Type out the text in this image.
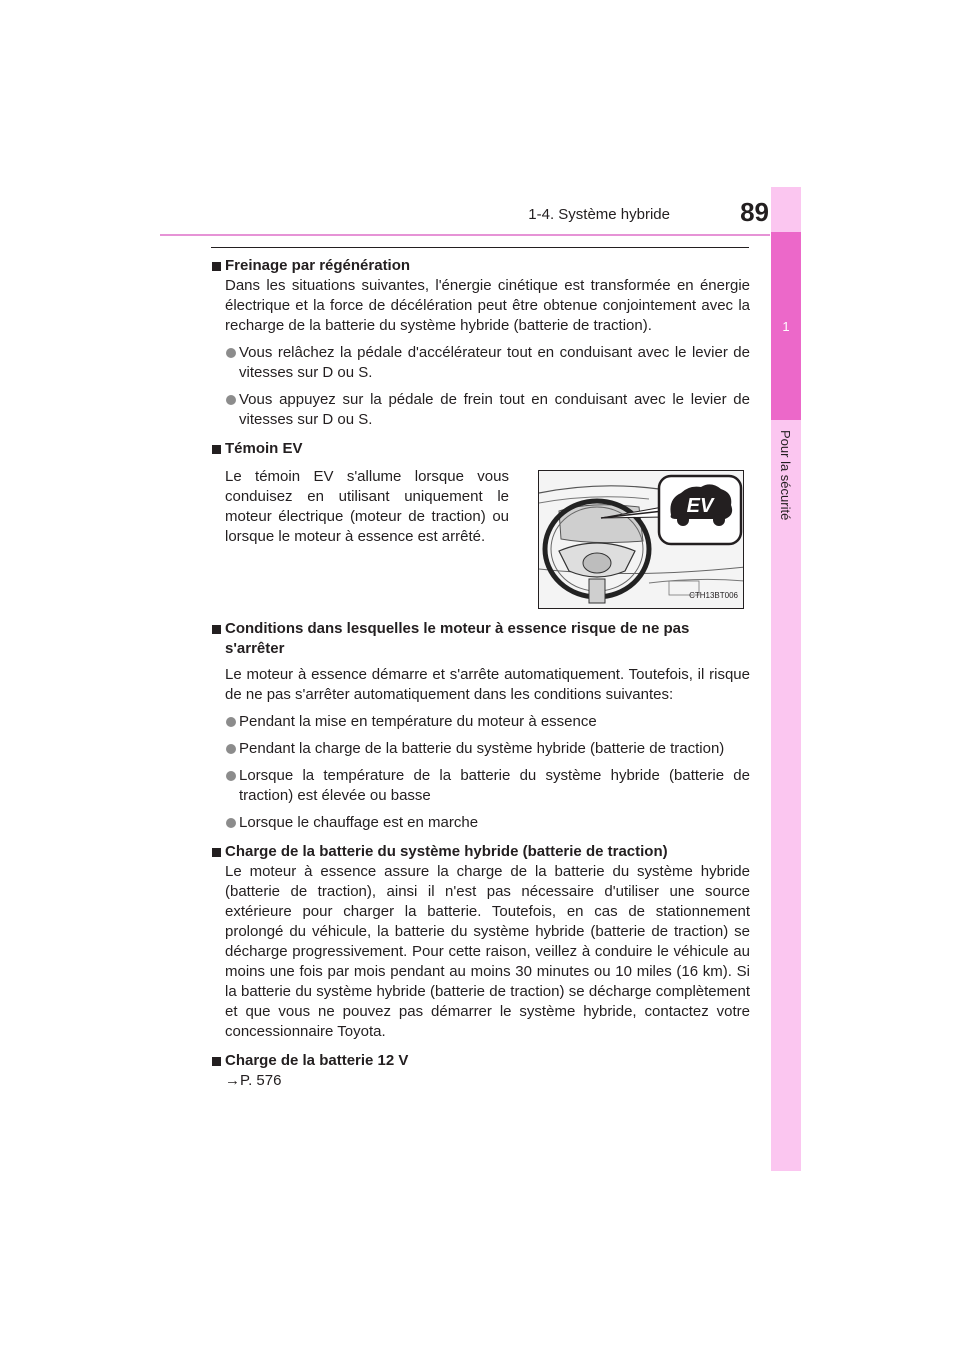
1-4. Système hybride	89
1
Pour la sécurité
Freinage par régénération
Dans les situations suivantes, l'énergie cinétique est transformée en énergie électrique et la force de décélération peut être obtenue conjointement avec la recharge de la batterie du système hybride (batterie de traction).
Vous relâchez la pédale d'accélérateur tout en conduisant avec le levier de vitesses sur D ou S.
Vous appuyez sur la pédale de frein tout en conduisant avec le levier de vitesses sur D ou S.
Témoin EV
Le témoin EV s'allume lorsque vous conduisez en utilisant uniquement le moteur électrique (moteur de traction) ou lorsque le moteur à essence est arrêté.
EV
CTH13BT006
Conditions dans lesquelles le moteur à essence risque de ne pas s'arrêter
Le moteur à essence démarre et s'arrête automatiquement. Toutefois, il risque de ne pas s'arrêter automatiquement dans les conditions suivantes:
Pendant la mise en température du moteur à essence
Pendant la charge de la batterie du système hybride (batterie de traction)
Lorsque la température de la batterie du système hybride (batterie de traction) est élevée ou basse
Lorsque le chauffage est en marche
Charge de la batterie du système hybride (batterie de traction)
Le moteur à essence assure la charge de la batterie du système hybride (batterie de traction), ainsi il n'est pas nécessaire d'utiliser une source extérieure pour charger la batterie. Toutefois, en cas de stationnement prolongé du véhicule, la batterie du système hybride (batterie de traction) se décharge progressivement. Pour cette raison, veillez à conduire le véhicule au moins une fois par mois pendant au moins 30 minutes ou 10 miles (16 km). Si la batterie du système hybride (batterie de traction) se décharge complètement et que vous ne pouvez pas démarrer le système hybride, contactez votre concessionnaire Toyota.
Charge de la batterie 12 V
→P. 576
